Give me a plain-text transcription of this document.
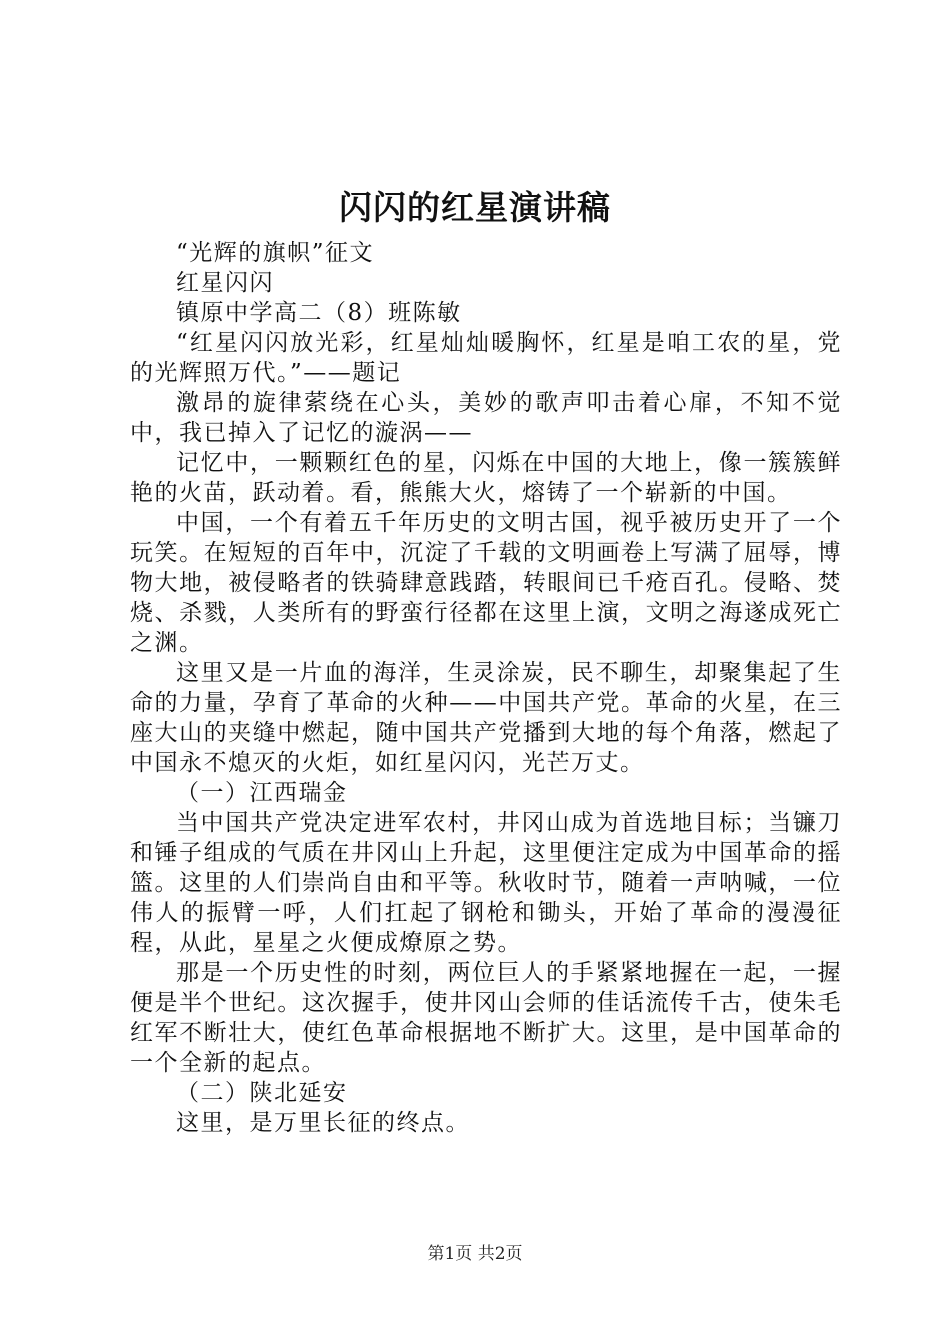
闪闪的红星演讲稿

“光辉的旗帜”征文

红星闪闪

镇原中学高二（8）班陈敏

“红星闪闪放光彩，红星灿灿暖胸怀，红星是咱工农的星，党的光辉照万代。”——题记

激昂的旋律萦绕在心头，美妙的歌声叩击着心扉，不知不觉中，我已掉入了记忆的漩涡——

记忆中，一颗颗红色的星，闪烁在中国的大地上，像一簇簇鲜艳的火苗，跃动着。看，熊熊大火，熔铸了一个崭新的中国。

中国，一个有着五千年历史的文明古国，视乎被历史开了一个玩笑。在短短的百年中，沉淀了千载的文明画卷上写满了屈辱，博物大地，被侵略者的铁骑肆意践踏，转眼间已千疮百孔。侵略、焚烧、杀戮，人类所有的野蛮行径都在这里上演，文明之海遂成死亡之渊。

这里又是一片血的海洋，生灵涂炭，民不聊生，却聚集起了生命的力量，孕育了革命的火种——中国共产党。革命的火星，在三座大山的夹缝中燃起，随中国共产党播到大地的每个角落，燃起了中国永不熄灭的火炬，如红星闪闪，光芒万丈。

（一）江西瑞金

当中国共产党决定进军农村，井冈山成为首选地目标；当镰刀和锤子组成的气质在井冈山上升起，这里便注定成为中国革命的摇篮。这里的人们崇尚自由和平等。秋收时节，随着一声呐喊，一位伟人的振臂一呼，人们扛起了钢枪和锄头，开始了革命的漫漫征程，从此，星星之火便成燎原之势。

那是一个历史性的时刻，两位巨人的手紧紧地握在一起，一握便是半个世纪。这次握手，使井冈山会师的佳话流传千古，使朱毛红军不断壮大，使红色革命根据地不断扩大。这里，是中国革命的一个全新的起点。

（二）陕北延安

这里，是万里长征的终点。

第1页 共2页
